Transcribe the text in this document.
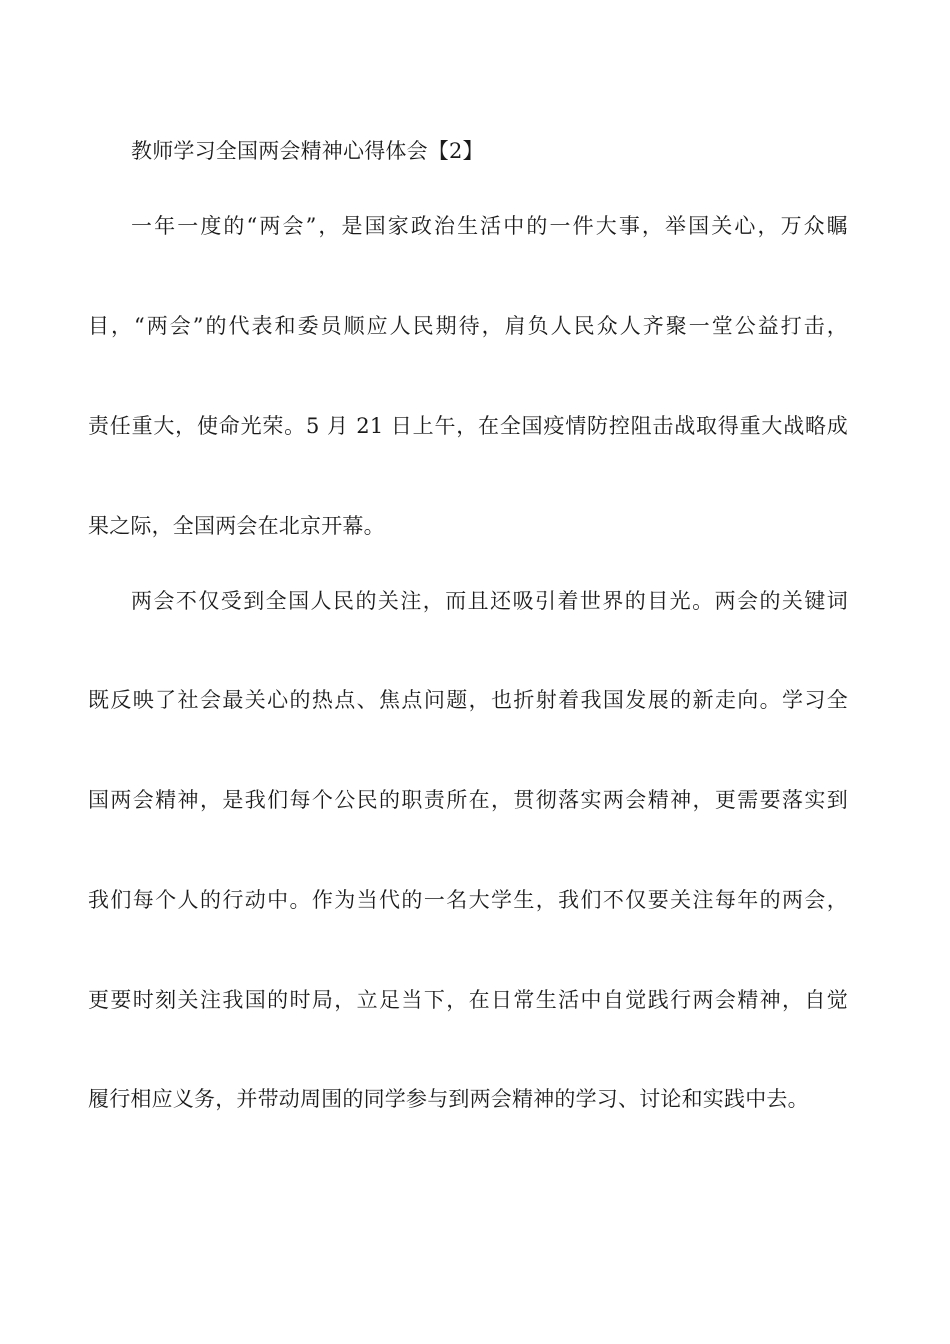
教师学习全国两会精神心得体会【2】
一年一度的“两会”，是国家政治生活中的一件大事，举国关心，万众瞩
目，“两会”的代表和委员顺应人民期待，肩负人民众人齐聚一堂公益打击，
责任重大，使命光荣。5 月 21 日上午，在全国疫情防控阻击战取得重大战略成
果之际，全国两会在北京开幕。
两会不仅受到全国人民的关注，而且还吸引着世界的目光。两会的关键词
既反映了社会最关心的热点、焦点问题，也折射着我国发展的新走向。学习全
国两会精神，是我们每个公民的职责所在，贯彻落实两会精神，更需要落实到
我们每个人的行动中。作为当代的一名大学生，我们不仅要关注每年的两会，
更要时刻关注我国的时局，立足当下，在日常生活中自觉践行两会精神，自觉
履行相应义务，并带动周围的同学参与到两会精神的学习、讨论和实践中去。
